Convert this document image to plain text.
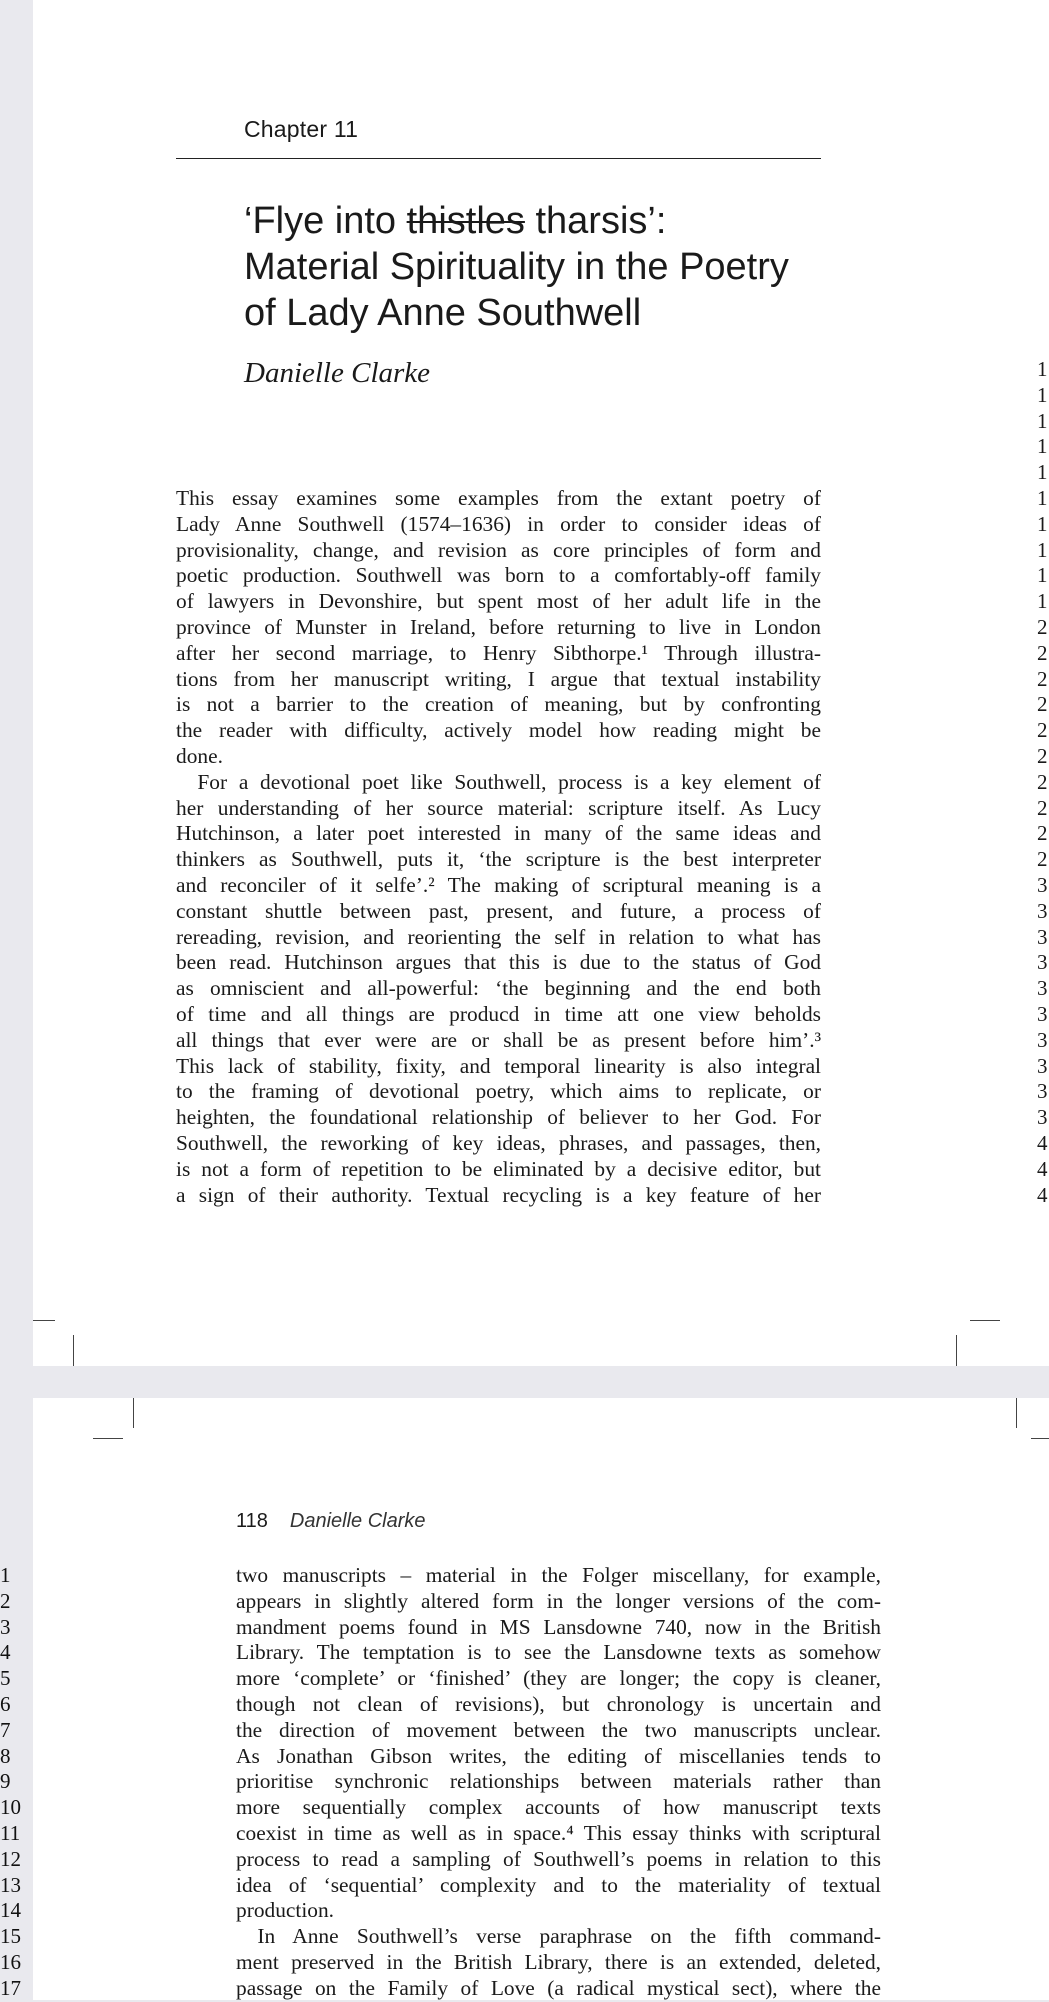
Chapter 11
‘Flye into thistles tharsis’: Material Spirituality in the Poetry of Lady Anne Southwell
Danielle Clarke
This essay examines some examples from the extant poetry of
Lady Anne Southwell (1574–1636) in order to consider ideas of
provisionality, change, and revision as core principles of form and
poetic production. Southwell was born to a comfortably-off family
of lawyers in Devonshire, but spent most of her adult life in the
province of Munster in Ireland, before returning to live in London
after her second marriage, to Henry Sibthorpe.¹ Through illustra-
tions from her manuscript writing, I argue that textual instability
is not a barrier to the creation of meaning, but by confronting
the reader with difficulty, actively model how reading might be
done.
 For a devotional poet like Southwell, process is a key element of
her understanding of her source material: scripture itself. As Lucy
Hutchinson, a later poet interested in many of the same ideas and
thinkers as Southwell, puts it, ‘the scripture is the best interpreter
and reconciler of it selfe’.² The making of scriptural meaning is a
constant shuttle between past, present, and future, a process of
rereading, revision, and reorienting the self in relation to what has
been read. Hutchinson argues that this is due to the status of God
as omniscient and all-powerful: ‘the beginning and the end both
of time and all things are producd in time att one view beholds
all things that ever were are or shall be as present before him’.³
This lack of stability, fixity, and temporal linearity is also integral
to the framing of devotional poetry, which aims to replicate, or
heighten, the foundational relationship of believer to her God. For
Southwell, the reworking of key ideas, phrases, and passages, then,
is not a form of repetition to be eliminated by a decisive editor, but
a sign of their authority. Textual recycling is a key feature of her
1
1
1
1
1
1
1
1
1
1
2
2
2
2
2
2
2
2
2
2
3
3
3
3
3
3
3
3
3
3
4
4
4
118 Danielle Clarke
1
2
3
4
5
6
7
8
9
10
11
12
13
14
15
16
17
two manuscripts – material in the Folger miscellany, for example,
appears in slightly altered form in the longer versions of the com-
mandment poems found in MS Lansdowne 740, now in the British
Library. The temptation is to see the Lansdowne texts as somehow
more ‘complete’ or ‘finished’ (they are longer; the copy is cleaner,
though not clean of revisions), but chronology is uncertain and
the direction of movement between the two manuscripts unclear.
As Jonathan Gibson writes, the editing of miscellanies tends to
prioritise synchronic relationships between materials rather than
more sequentially complex accounts of how manuscript texts
coexist in time as well as in space.⁴ This essay thinks with scriptural
process to read a sampling of Southwell’s poems in relation to this
idea of ‘sequential’ complexity and to the materiality of textual
production.
 In Anne Southwell’s verse paraphrase on the fifth command-
ment preserved in the British Library, there is an extended, deleted,
passage on the Family of Love (a radical mystical sect), where the
